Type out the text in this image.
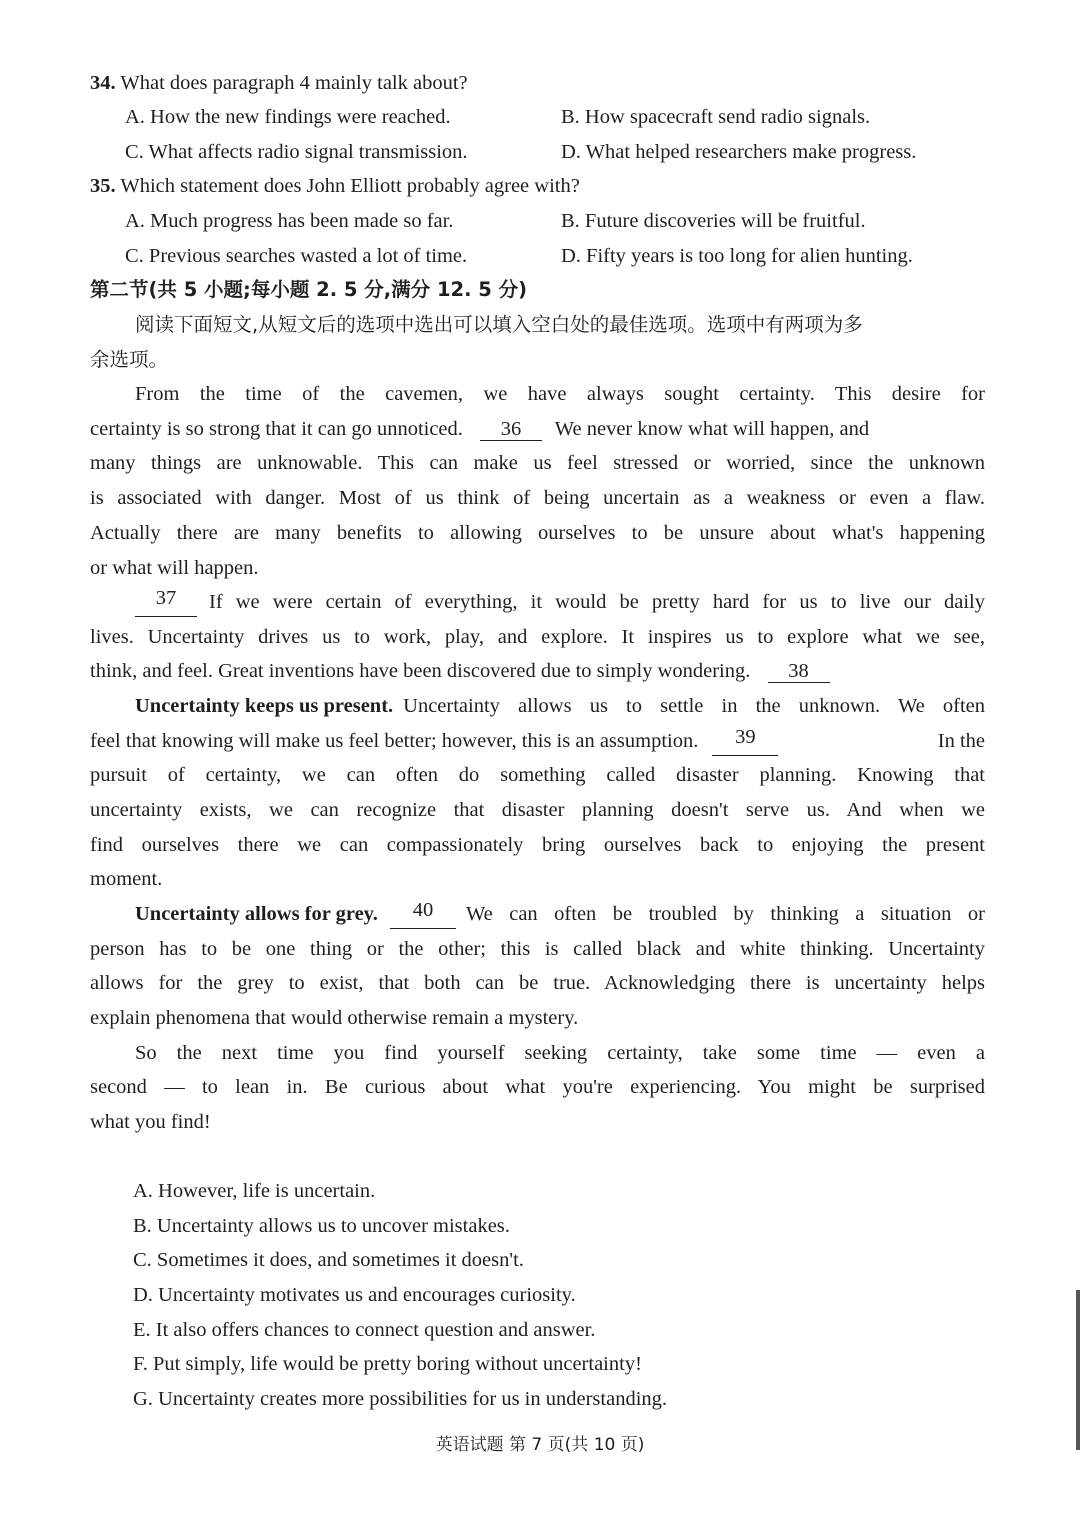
34. What does paragraph 4 mainly talk about?
A. How the new findings were reached.	B. How spacecraft send radio signals.
C. What affects radio signal transmission.	D. What helped researchers make progress.
35. Which statement does John Elliott probably agree with?
A. Much progress has been made so far.	B. Future discoveries will be fruitful.
C. Previous searches wasted a lot of time.	D. Fifty years is too long for alien hunting.
第二节(共 5 小题;每小题 2. 5 分,满分 12. 5 分)
阅读下面短文,从短文后的选项中选出可以填入空白处的最佳选项。选项中有两项为多
余选项。
From the time of the cavemen, we have always sought certainty. This desire for
certainty is so strong that it can go unnoticed. 36 We never know what will happen, and
many things are unknowable. This can make us feel stressed or worried, since the unknown
is associated with danger. Most of us think of being uncertain as a weakness or even a flaw.
Actually there are many benefits to allowing ourselves to be unsure about what's happening
or what will happen.
37	If we were certain of everything, it would be pretty hard for us to live our daily
lives. Uncertainty drives us to work, play, and explore. It inspires us to explore what we see,
think, and feel. Great inventions have been discovered due to simply wondering. 38
Uncertainty keeps us present. Uncertainty allows us to settle in the unknown. We often
feel that knowing will make us feel better; however, this is an assumption.	39	In the
pursuit of certainty, we can often do something called disaster planning. Knowing that
uncertainty exists, we can recognize that disaster planning doesn't serve us. And when we
find ourselves there we can compassionately bring ourselves back to enjoying the present
moment.
Uncertainty allows for grey.	40	We can often be troubled by thinking a situation or
person has to be one thing or the other; this is called black and white thinking. Uncertainty
allows for the grey to exist, that both can be true. Acknowledging there is uncertainty helps
explain phenomena that would otherwise remain a mystery.
So the next time you find yourself seeking certainty, take some time — even a
second — to lean in. Be curious about what you're experiencing. You might be surprised
what you find!
A. However, life is uncertain.
B. Uncertainty allows us to uncover mistakes.
C. Sometimes it does, and sometimes it doesn't.
D. Uncertainty motivates us and encourages curiosity.
E. It also offers chances to connect question and answer.
F. Put simply, life would be pretty boring without uncertainty!
G. Uncertainty creates more possibilities for us in understanding.
英语试题 第 7 页(共 10 页)
